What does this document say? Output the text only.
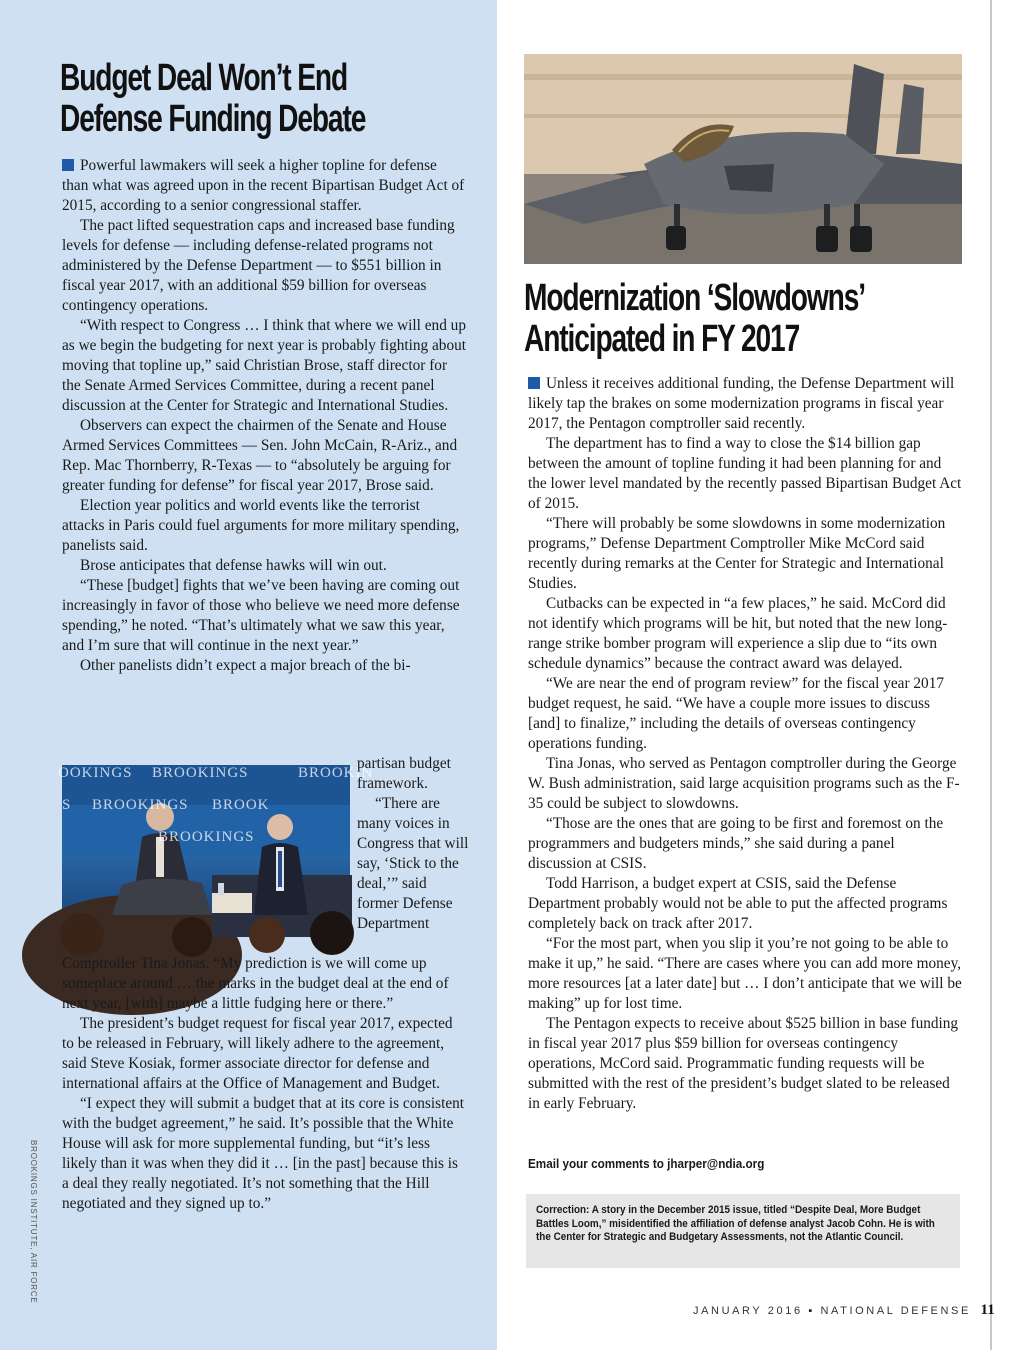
Budget Deal Won’t End
Defense Funding Debate

Powerful lawmakers will seek a higher topline for defense than what was agreed upon in the recent Bipartisan Budget Act of 2015, according to a senior congressional staffer.

The pact lifted sequestration caps and increased base funding levels for defense — including defense-related programs not administered by the Defense Department — to $551 billion in fiscal year 2017, with an additional $59 billion for overseas contingency operations.

“With respect to Congress … I think that where we will end up as we begin the budgeting for next year is probably fighting about moving that topline up,” said Christian Brose, staff director for the Senate Armed Services Committee, during a recent panel discussion at the Center for Strategic and International Studies.

Observers can expect the chairmen of the Senate and House Armed Services Committees — Sen. John McCain, R-Ariz., and Rep. Mac Thornberry, R-Texas — to “absolutely be arguing for greater funding for defense” for fiscal year 2017, Brose said.

Election year politics and world events like the terrorist attacks in Paris could fuel arguments for more military spending, panelists said.

Brose anticipates that defense hawks will win out.

“These [budget] fights that we’ve been having are coming out increasingly in favor of those who believe we need more defense spending,” he noted. “That’s ultimately what we saw this year, and I’m sure that will continue in the next year.”

Other panelists didn’t expect a major breach of the bi-

OOKINGS BROOKINGS	BROOKIN
S BROOKINGS BROOK
BROOKINGS

partisan budget framework.

“There are many voices in Congress that will say, ‘Stick to the deal,’” said former Defense Department

Comptroller Tina Jonas. “My prediction is we will come up someplace around … the marks in the budget deal at the end of next year, [with] maybe a little fudging here or there.”

The president’s budget request for fiscal year 2017, expected to be released in February, will likely adhere to the agreement, said Steve Kosiak, former associate director for defense and international affairs at the Office of Management and Budget.

“I expect they will submit a budget that at its core is consistent with the budget agreement,” he said. It’s possible that the White House will ask for more supplemental funding, but “it’s less likely than it was when they did it … [in the past] because this is a deal they really negotiated. It’s not something that the Hill negotiated and they signed up to.”

BROOKINGS INSTITUTE, AIR FORCE
Modernization ‘Slowdowns’
Anticipated in FY 2017

Unless it receives additional funding, the Defense Department will likely tap the brakes on some modernization programs in fiscal year 2017, the Pentagon comptroller said recently.

The department has to find a way to close the $14 billion gap between the amount of topline funding it had been planning for and the lower level mandated by the recently passed Bipartisan Budget Act of 2015.

“There will probably be some slowdowns in some modernization programs,” Defense Department Comptroller Mike McCord said recently during remarks at the Center for Strategic and International Studies.

Cutbacks can be expected in “a few places,” he said. McCord did not identify which programs will be hit, but noted that the new long-range strike bomber program will experience a slip due to “its own schedule dynamics” because the contract award was delayed.

“We are near the end of program review” for the fiscal year 2017 budget request, he said. “We have a couple more issues to discuss [and] to finalize,” including the details of overseas contingency operations funding.

Tina Jonas, who served as Pentagon comptroller during the George W. Bush administration, said large acquisition programs such as the F-35 could be subject to slowdowns.

“Those are the ones that are going to be first and foremost on the programmers and budgeters minds,” she said during a panel discussion at CSIS.

Todd Harrison, a budget expert at CSIS, said the Defense Department probably would not be able to put the affected programs completely back on track after 2017.

“For the most part, when you slip it you’re not going to be able to make it up,” he said. “There are cases where you can add more money, more resources [at a later date] but … I don’t anticipate that we will be making” up for lost time.

The Pentagon expects to receive about $525 billion in base funding in fiscal year 2017 plus $59 billion for overseas contingency operations, McCord said. Programmatic funding requests will be submitted with the rest of the president’s budget slated to be released in early February.

Email your comments to jharper@ndia.org

Correction: A story in the December 2015 issue, titled “Despite Deal, More Budget Battles Loom,” misidentified the affiliation of defense analyst Jacob Cohn. He is with the Center for Strategic and Budgetary Assessments, not the Atlantic Council.

JANUARY 2016 ▪ NATIONAL DEFENSE 11
